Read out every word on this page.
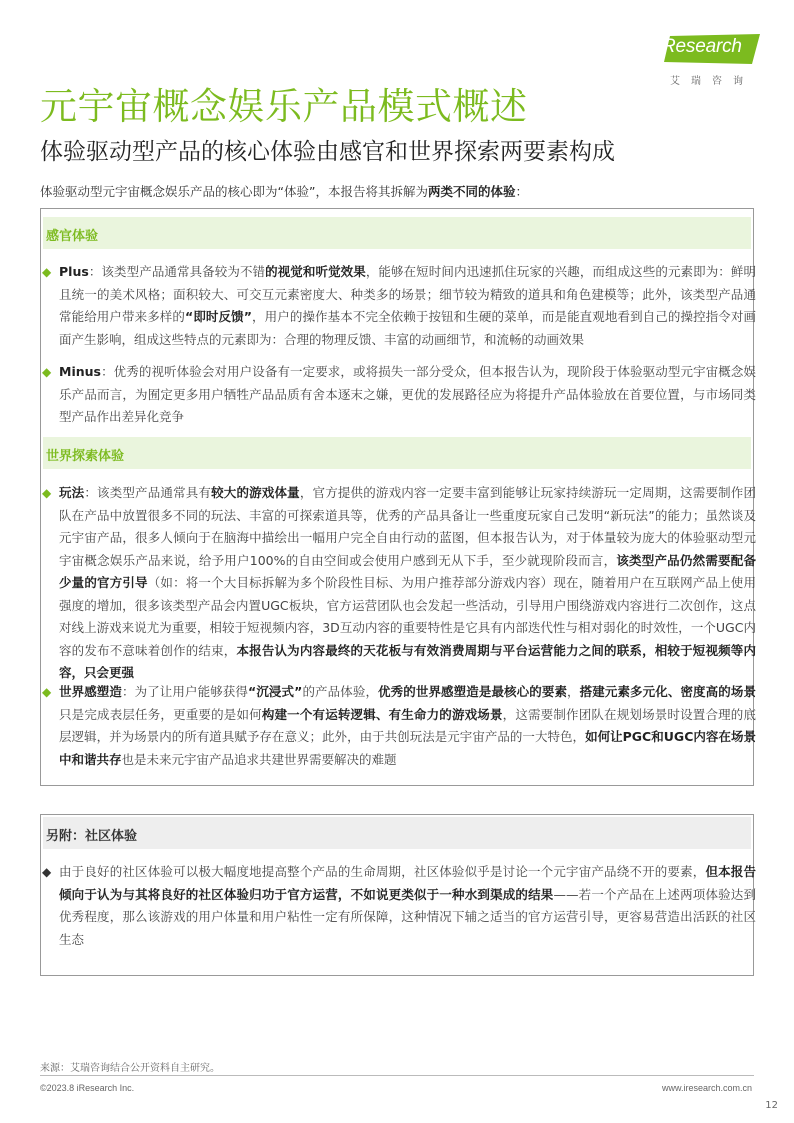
iResearch
艾瑞咨询
元宇宙概念娱乐产品模式概述
体验驱动型产品的核心体验由感官和世界探索两要素构成
体验驱动型元宇宙概念娱乐产品的核心即为“体验”，本报告将其拆解为两类不同的体验：
感官体验
◆ Plus：该类型产品通常具备较为不错的视觉和听觉效果，能够在短时间内迅速抓住玩家的兴趣，而组成这些的元素即为：鲜明且统一的美术风格；面积较大、可交互元素密度大、种类多的场景；细节较为精致的道具和角色建模等；此外，该类型产品通常能给用户带来多样的“即时反馈”，用户的操作基本不完全依赖于按钮和生硬的菜单，而是能直观地看到自己的操控指令对画面产生影响，组成这些特点的元素即为：合理的物理反馈、丰富的动画细节，和流畅的动画效果
◆ Minus：优秀的视听体验会对用户设备有一定要求，或将损失一部分受众，但本报告认为，现阶段于体验驱动型元宇宙概念娱乐产品而言，为囿定更多用户牺牲产品品质有舍本逐末之嫌，更优的发展路径应为将提升产品体验放在首要位置，与市场同类型产品作出差异化竞争
世界探索体验
◆ 玩法：该类型产品通常具有较大的游戏体量，官方提供的游戏内容一定要丰富到能够让玩家持续游玩一定周期，这需要制作团队在产品中放置很多不同的玩法、丰富的可探索道具等，优秀的产品具备让一些重度玩家自己发明“新玩法”的能力；虽然谈及元宇宙产品，很多人倾向于在脑海中描绘出一幅用户完全自由行动的蓝图，但本报告认为，对于体量较为庞大的体验驱动型元宇宙概念娱乐产品来说，给予用户100%的自由空间或会使用户感到无从下手，至少就现阶段而言，该类型产品仍然需要配备少量的官方引导（如：将一个大目标拆解为多个阶段性目标、为用户推荐部分游戏内容）现在，随着用户在互联网产品上使用强度的增加，很多该类型产品会内置UGC板块，官方运营团队也会发起一些活动，引导用户围绕游戏内容进行二次创作，这点对线上游戏来说尤为重要，相较于短视频内容，3D互动内容的重要特性是它具有内部迭代性与相对弱化的时效性，一个UGC内容的发布不意味着创作的结束，本报告认为内容最终的天花板与有效消费周期与平台运营能力之间的联系，相较于短视频等内容，只会更强
◆ 世界感塑造：为了让用户能够获得“沉浸式”的产品体验，优秀的世界感塑造是最核心的要素，搭建元素多元化、密度高的场景只是完成表层任务，更重要的是如何构建一个有运转逻辑、有生命力的游戏场景，这需要制作团队在规划场景时设置合理的底层逻辑，并为场景内的所有道具赋予存在意义；此外，由于共创玩法是元宇宙产品的一大特色，如何让PGC和UGC内容在场景中和谐共存也是未来元宇宙产品追求共建世界需要解决的难题
另附：社区体验
◆ 由于良好的社区体验可以极大幅度地提高整个产品的生命周期，社区体验似乎是讨论一个元宇宙产品绕不开的要素，但本报告倾向于认为与其将良好的社区体验归功于官方运营，不如说更类似于一种水到渠成的结果——若一个产品在上述两项体验达到优秀程度，那么该游戏的用户体量和用户粘性一定有所保障，这种情况下辅之适当的官方运营引导，更容易营造出活跃的社区生态
来源：艾瑞咨询结合公开资料自主研究。
©2023.8 iResearch Inc.	www.iresearch.com.cn
12
